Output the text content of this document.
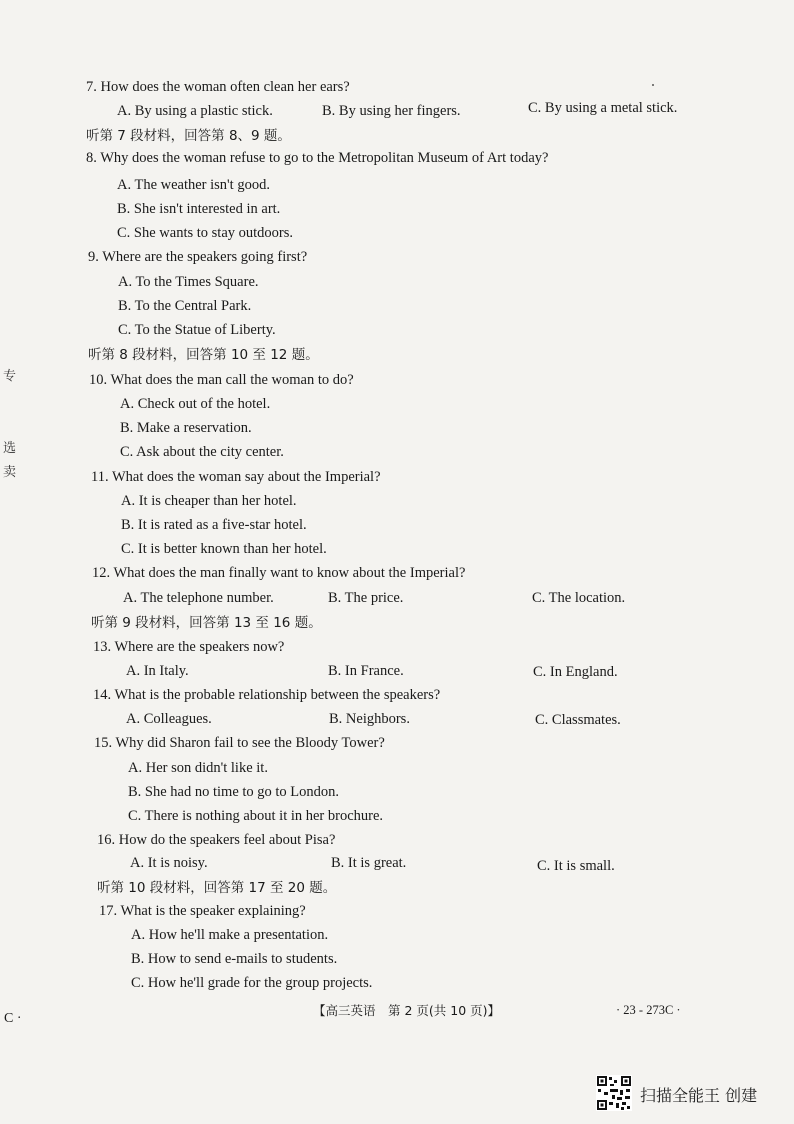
7. How does the woman often clean her ears?
A. By using a plastic stick.	B. By using her fingers.	C. By using a metal stick.
听第 7 段材料，回答第 8、9 题。
8. Why does the woman refuse to go to the Metropolitan Museum of Art today?
A. The weather isn't good.
B. She isn't interested in art.
C. She wants to stay outdoors.
9. Where are the speakers going first?
A. To the Times Square.
B. To the Central Park.
C. To the Statue of Liberty.
听第 8 段材料，回答第 10 至 12 题。
10. What does the man call the woman to do?
A. Check out of the hotel.
B. Make a reservation.
C. Ask about the city center.
11. What does the woman say about the Imperial?
A. It is cheaper than her hotel.
B. It is rated as a five-star hotel.
C. It is better known than her hotel.
12. What does the man finally want to know about the Imperial?
A. The telephone number.	B. The price.	C. The location.
听第 9 段材料，回答第 13 至 16 题。
13. Where are the speakers now?
A. In Italy.	B. In France.	C. In England.
14. What is the probable relationship between the speakers?
A. Colleagues.	B. Neighbors.	C. Classmates.
15. Why did Sharon fail to see the Bloody Tower?
A. Her son didn't like it.
B. She had no time to go to London.
C. There is nothing about it in her brochure.
16. How do the speakers feel about Pisa?
A. It is noisy.	B. It is great.	C. It is small.
听第 10 段材料，回答第 17 至 20 题。
17. What is the speaker explaining?
A. How he'll make a presentation.
B. How to send e-mails to students.
C. How he'll grade for the group projects.
专
选
卖
C ·
【高三英语　第 2 页(共 10 页)】	· 23 - 273C ·
扫描全能王 创建
